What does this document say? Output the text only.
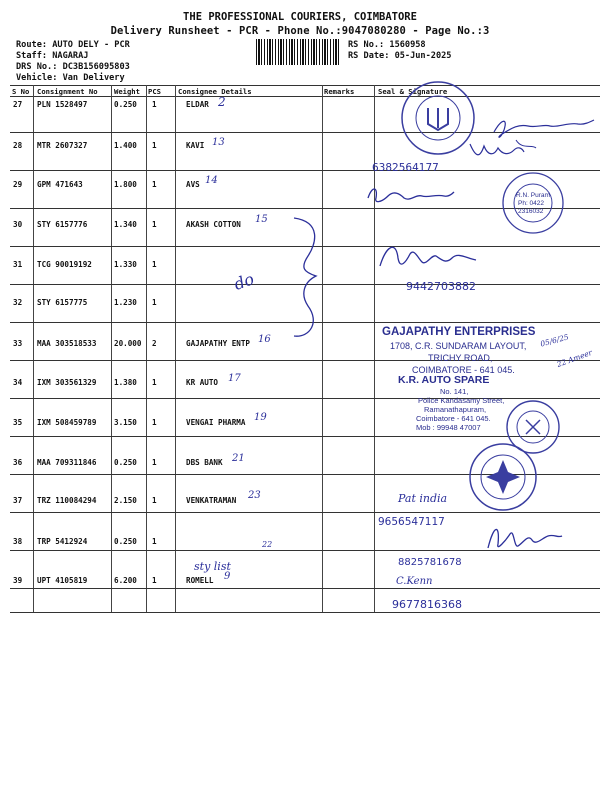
THE PROFESSIONAL COURIERS, COIMBATORE
Delivery Runsheet - PCR - Phone No.:9047080280 - Page No.:3
Route: AUTO DELY - PCR
Staff: NAGARAJ
DRS No.: DC3B156095803
Vehicle: Van Delivery
RS No.: 1560958
RS Date: 05-Jun-2025
S No Consignment No Weight PCS Consignee Details	Remarks	Seal & Signature
27 PLN 1528497	0.250 1	ELDAR 2
28 MTR 2607327	1.400 1	KAVI 13
29 GPM 471643	1.800 1	AVS 14
30 STY 6157776	1.340 1	AKASH COTTON 15
31 TCG 90019192	1.330 1
32 STY 6157775	1.230 1
33 MAA 303518533 20.000 2	GAJAPATHY ENTP 16
34 IXM 303561329 1.380 1	KR AUTO 17
35 IXM 508459789 3.150 1	VENGAI PHARMA 19
36 MAA 709311846 0.250 1	DBS BANK 21
37 TRZ 110084294 2.150 1	VENKATRAMAN 23
38 TRP 5412924	0.250 1	22
sty list
39 UPT 4105819	6.200 1	ROMELL 9
do
6382564177
9442703882
R.N. Puram
Ph: 0422
2316032
GAJAPATHY ENTERPRISES
1708, C.R. SUNDARAM LAYOUT,
TRICHY ROAD,
COIMBATORE - 641 045.
05/6/25
22 Ameer
K.R. AUTO SPARE
No. 141,
Police Kandasamy Street,
Ramanathapuram,
Coimbatore - 641 045.
Mob : 99948 47007
Pat india
9656547117
8825781678
C.Kenn
9677816368
